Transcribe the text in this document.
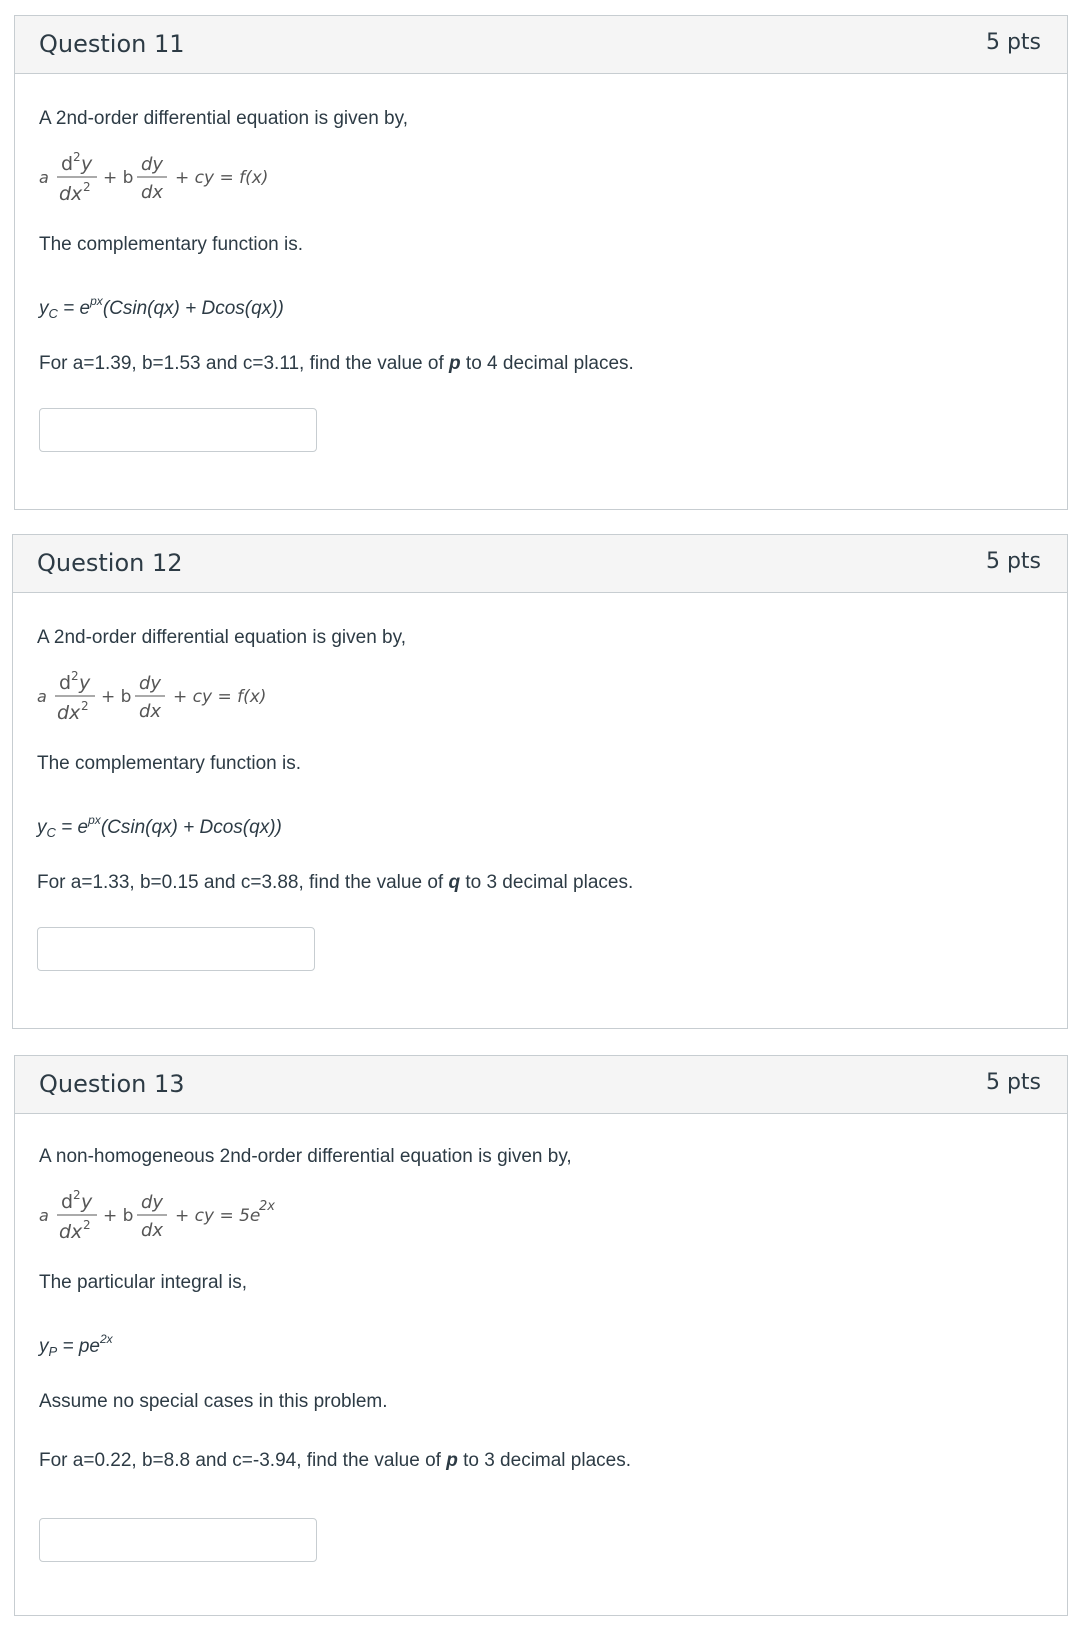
Question 11	5 pts
A 2nd-order differential equation is given by,
a
d 2 y
dx 2 + b
dy
dx
+ cy = f(x)
The complementary function is.
$y_C = e^{px}(Csin(qx) + Dcos(qx))$
For a=1.39, b=1.53 and c=3.11, find the value of p to 4 decimal places.
Question 12	5 pts
A 2nd-order differential equation is given by,
a
d 2 y
dx 2 + b
dy
dx
+ cy = f(x)
The complementary function is.
$y_C = e^{px}(Csin(qx) + Dcos(qx))$
For a=1.33, b=0.15 and c=3.88, find the value of q to 3 decimal places.
Question 13	5 pts
A non-homogeneous 2nd-order differential equation is given by,
a
d 2 y
dx 2 + b
dy
dx
+ cy = 5e
2x
The particular integral is,
$y_P = pe^{2x}$
Assume no special cases in this problem.
For a=0.22, b=8.8 and c=-3.94, find the value of p to 3 decimal places.
